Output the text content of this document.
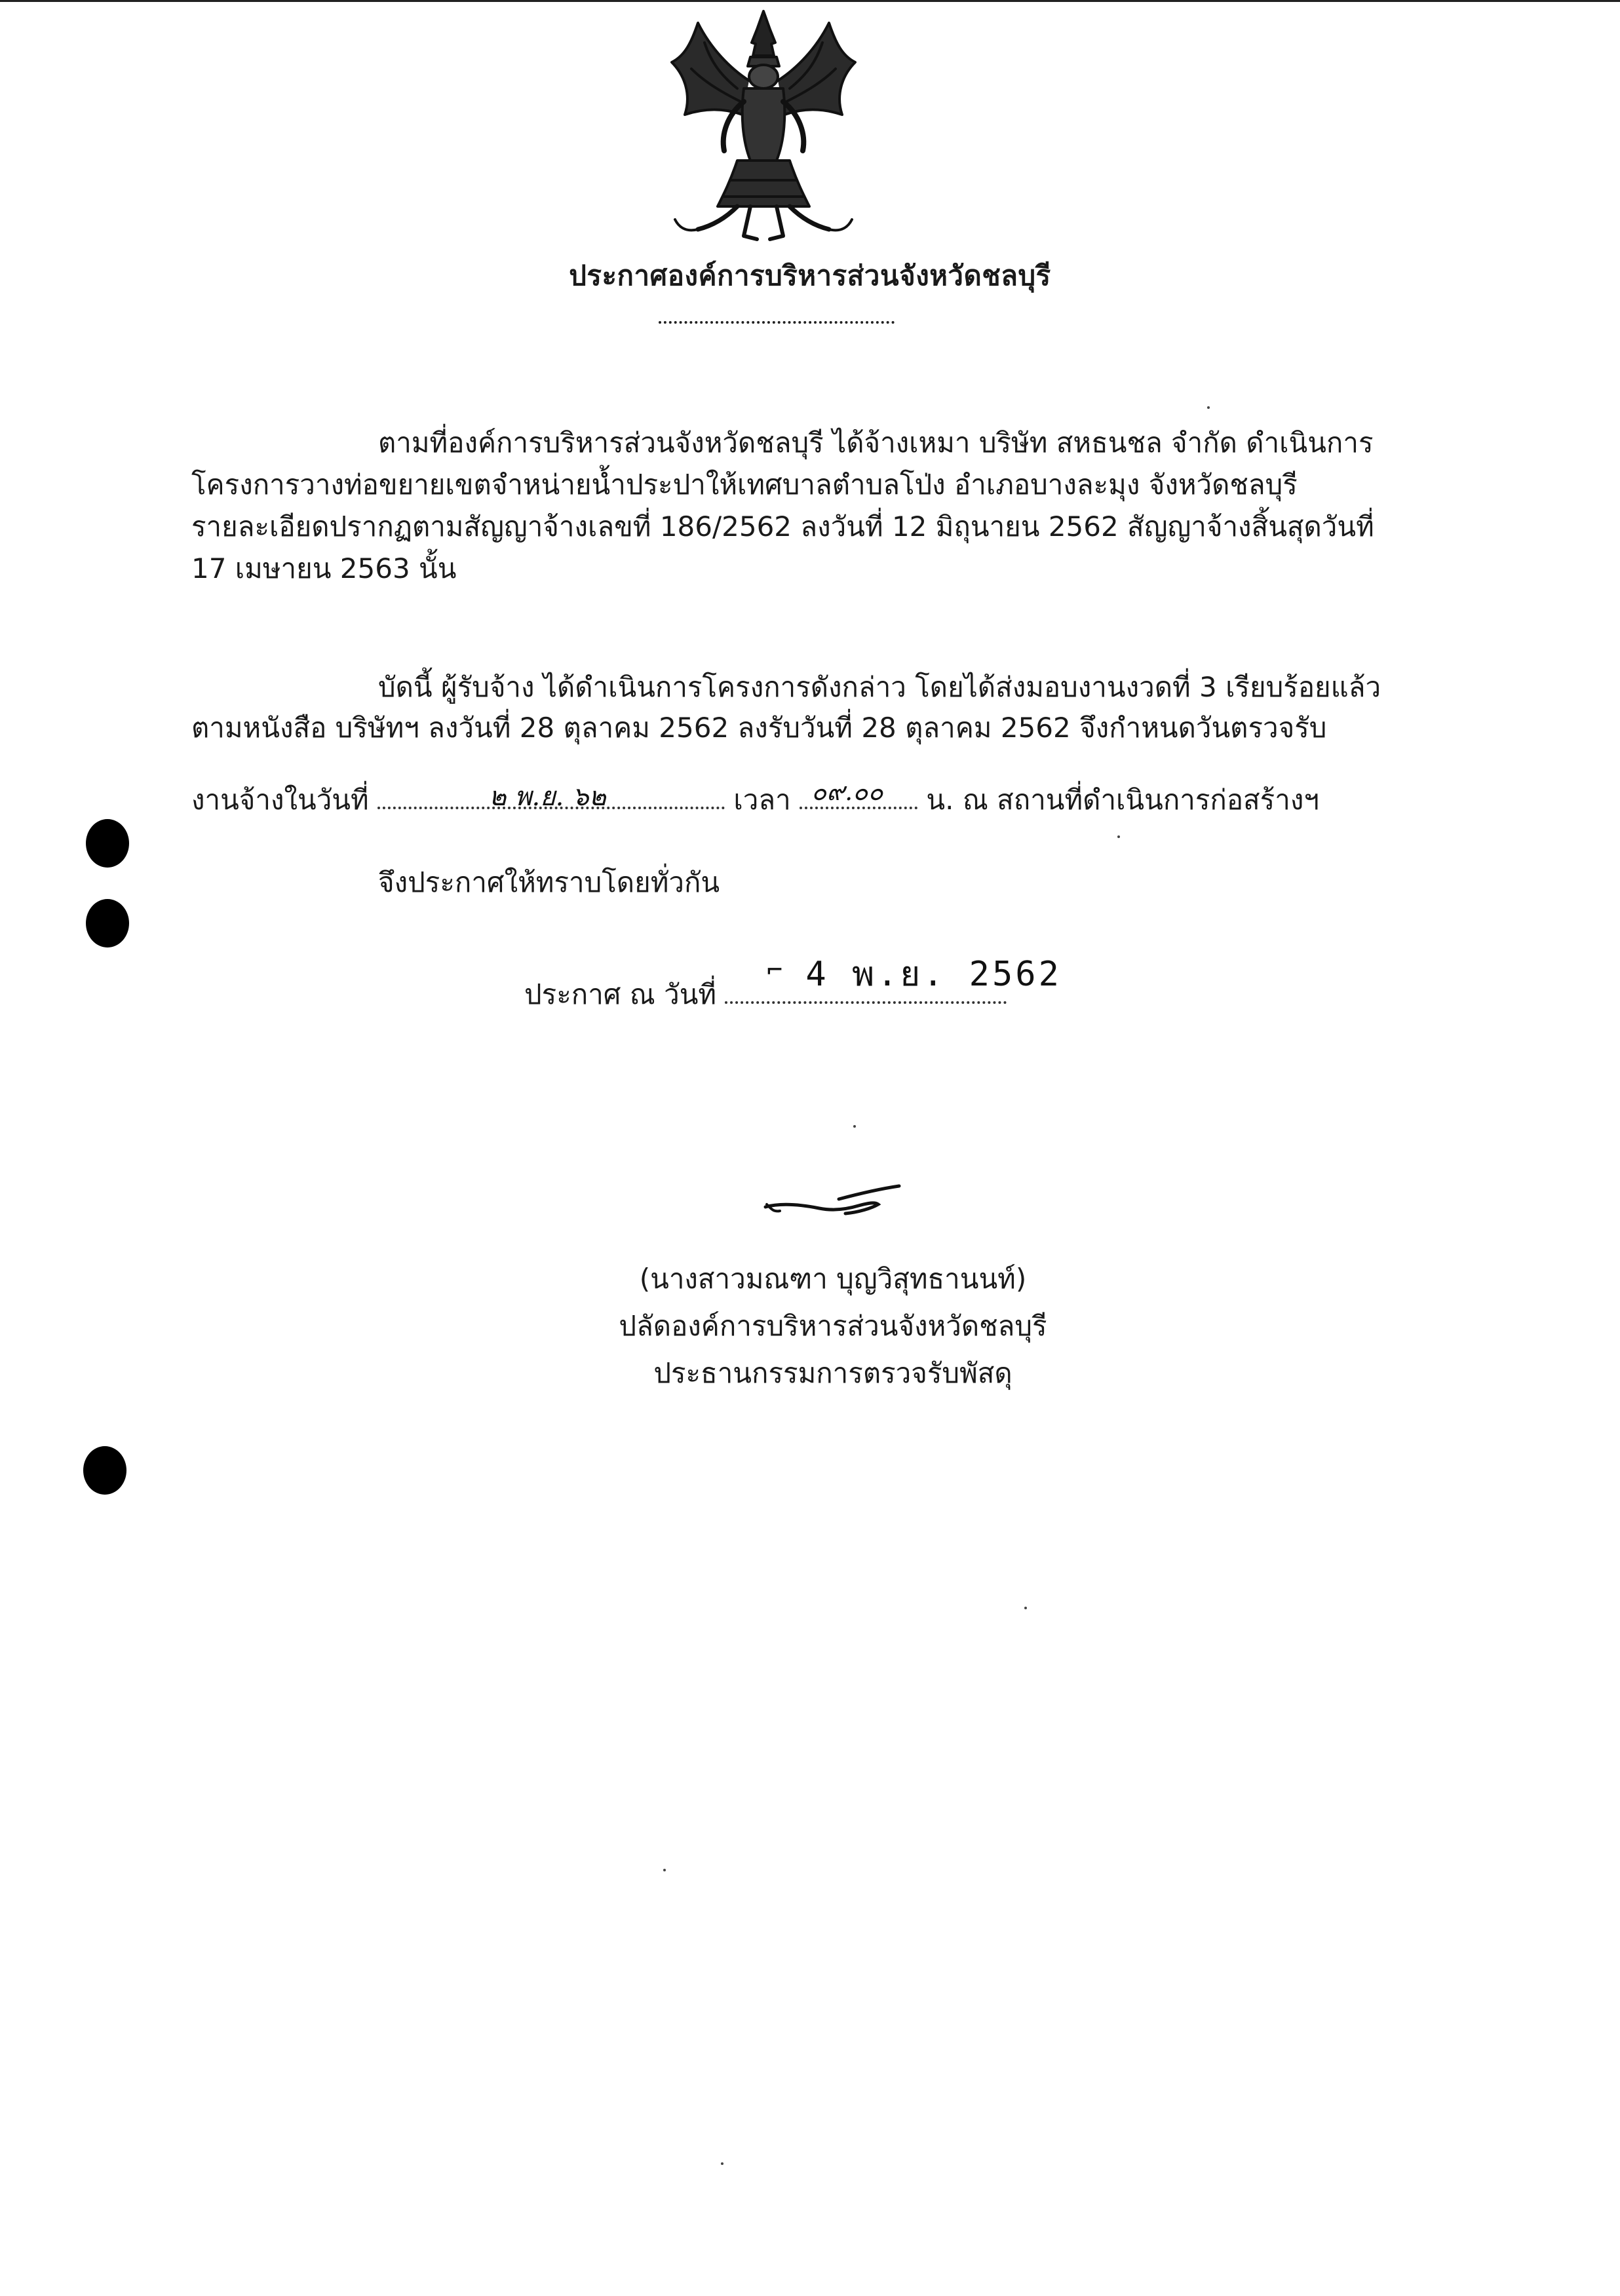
ประกาศองค์การบริหารส่วนจังหวัดชลบุรี
ตามที่องค์การบริหารส่วนจังหวัดชลบุรี ได้จ้างเหมา บริษัท สหธนชล จำกัด ดำเนินการ
โครงการวางท่อขยายเขตจำหน่ายน้ำประปาให้เทศบาลตำบลโป่ง อำเภอบางละมุง จังหวัดชลบุรี
รายละเอียดปรากฏตามสัญญาจ้างเลขที่ 186/2562 ลงวันที่ 12 มิถุนายน 2562 สัญญาจ้างสิ้นสุดวันที่
17 เมษายน 2563 นั้น
บัดนี้ ผู้รับจ้าง ได้ดำเนินการโครงการดังกล่าว โดยได้ส่งมอบงานงวดที่ 3 เรียบร้อยแล้ว
ตามหนังสือ บริษัทฯ ลงวันที่ 28 ตุลาคม 2562 ลงรับวันที่ 28 ตุลาคม 2562 จึงกำหนดวันตรวจรับ
งานจ้างในวันที่	๒ พ.ย. ๖๒	เวลา ๐๙.๐๐ น. ณ สถานที่ดำเนินการก่อสร้างฯ
จึงประกาศให้ทราบโดยทั่วกัน
ประกาศ ณ วันที่
⌐ 4 พ.ย. 2562
(นางสาวมณฑา บุญวิสุทธานนท์)
ปลัดองค์การบริหารส่วนจังหวัดชลบุรี
ประธานกรรมการตรวจรับพัสดุ
